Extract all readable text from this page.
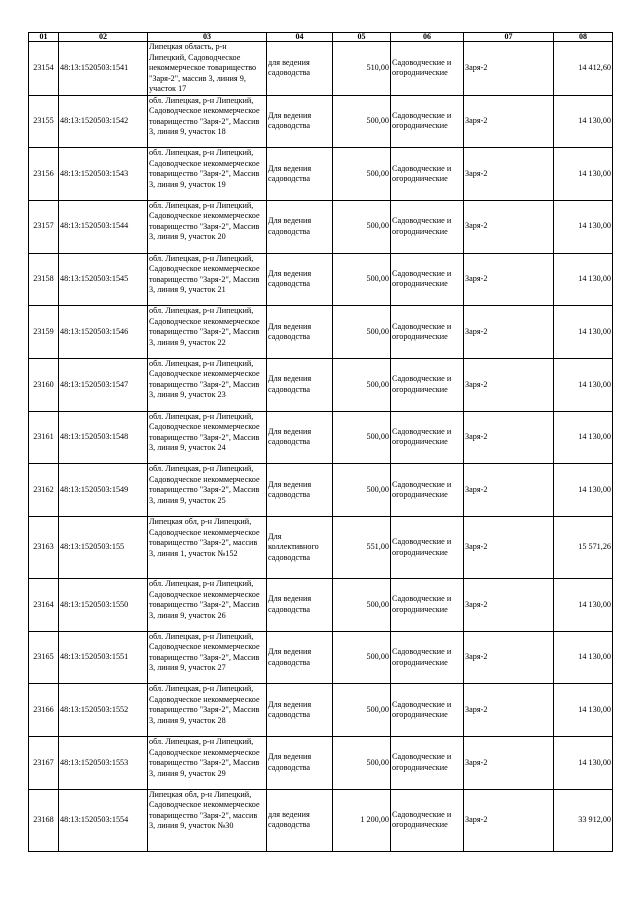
01	02	03	04	05	06	07	08
23154	48:13:1520503:1541	Липецкая область, р-н Липецкий, Садоводческое некоммерческое товарищество "Заря-2", массив 3, линия 9, участок 17	для ведения садоводства	510,00	Садоводческие и огороднические	Заря-2	14 412,60
23155	48:13:1520503:1542	обл. Липецкая, р-н Липецкий, Садоводческое некоммерческое товарищество "Заря-2", Массив 3, линия 9, участок 18	Для ведения садоводства	500,00	Садоводческие и огороднические	Заря-2	14 130,00
23156	48:13:1520503:1543	обл. Липецкая, р-н Липецкий, Садоводческое некоммерческое товарищество "Заря-2", Массив 3, линия 9, участок 19	Для ведения садоводства	500,00	Садоводческие и огороднические	Заря-2	14 130,00
23157	48:13:1520503:1544	обл. Липецкая, р-н Липецкий, Садоводческое некоммерческое товарищество "Заря-2", Массив 3, линия 9, участок 20	Для ведения садоводства	500,00	Садоводческие и огороднические	Заря-2	14 130,00
23158	48:13:1520503:1545	обл. Липецкая, р-н Липецкий, Садоводческое некоммерческое товарищество "Заря-2", Массив 3, линия 9, участок 21	Для ведения садоводства	500,00	Садоводческие и огороднические	Заря-2	14 130,00
23159	48:13:1520503:1546	обл. Липецкая, р-н Липецкий, Садоводческое некоммерческое товарищество "Заря-2", Массив 3, линия 9, участок 22	Для ведения садоводства	500,00	Садоводческие и огороднические	Заря-2	14 130,00
23160	48:13:1520503:1547	обл. Липецкая, р-н Липецкий, Садоводческое некоммерческое товарищество "Заря-2", Массив 3, линия 9, участок 23	Для ведения садоводства	500,00	Садоводческие и огороднические	Заря-2	14 130,00
23161	48:13:1520503:1548	обл. Липецкая, р-н Липецкий, Садоводческое некоммерческое товарищество "Заря-2", Массив 3, линия 9, участок 24	Для ведения садоводства	500,00	Садоводческие и огороднические	Заря-2	14 130,00
23162	48:13:1520503:1549	обл. Липецкая, р-н Липецкий, Садоводческое некоммерческое товарищество "Заря-2", Массив 3, линия 9, участок 25	Для ведения садоводства	500,00	Садоводческие и огороднические	Заря-2	14 130,00
23163	48:13:1520503:155	Липецкая обл, р-н Липецкий, Садоводческое некоммерческое товарищество "Заря-2", массив 3, линия 1, участок №152	Для коллективного садоводства	551,00	Садоводческие и огороднические	Заря-2	15 571,26
23164	48:13:1520503:1550	обл. Липецкая, р-н Липецкий, Садоводческое некоммерческое товарищество "Заря-2", Массив 3, линия 9, участок 26	Для ведения садоводства	500,00	Садоводческие и огороднические	Заря-2	14 130,00
23165	48:13:1520503:1551	обл. Липецкая, р-н Липецкий, Садоводческое некоммерческое товарищество "Заря-2", Массив 3, линия 9, участок 27	Для ведения садоводства	500,00	Садоводческие и огороднические	Заря-2	14 130,00
23166	48:13:1520503:1552	обл. Липецкая, р-н Липецкий, Садоводческое некоммерческое товарищество "Заря-2", Массив 3, линия 9, участок 28	Для ведения садоводства	500,00	Садоводческие и огороднические	Заря-2	14 130,00
23167	48:13:1520503:1553	обл. Липецкая, р-н Липецкий, Садоводческое некоммерческое товарищество "Заря-2", Массив 3, линия 9, участок 29	Для ведения садоводства	500,00	Садоводческие и огороднические	Заря-2	14 130,00
23168	48:13:1520503:1554	Липецкая обл, р-н Липецкий, Садоводческое некоммерческое товарищество "Заря-2", массив 3, линия 9, участок №30	для ведения садоводства	1 200,00	Садоводческие и огороднические	Заря-2	33 912,00
